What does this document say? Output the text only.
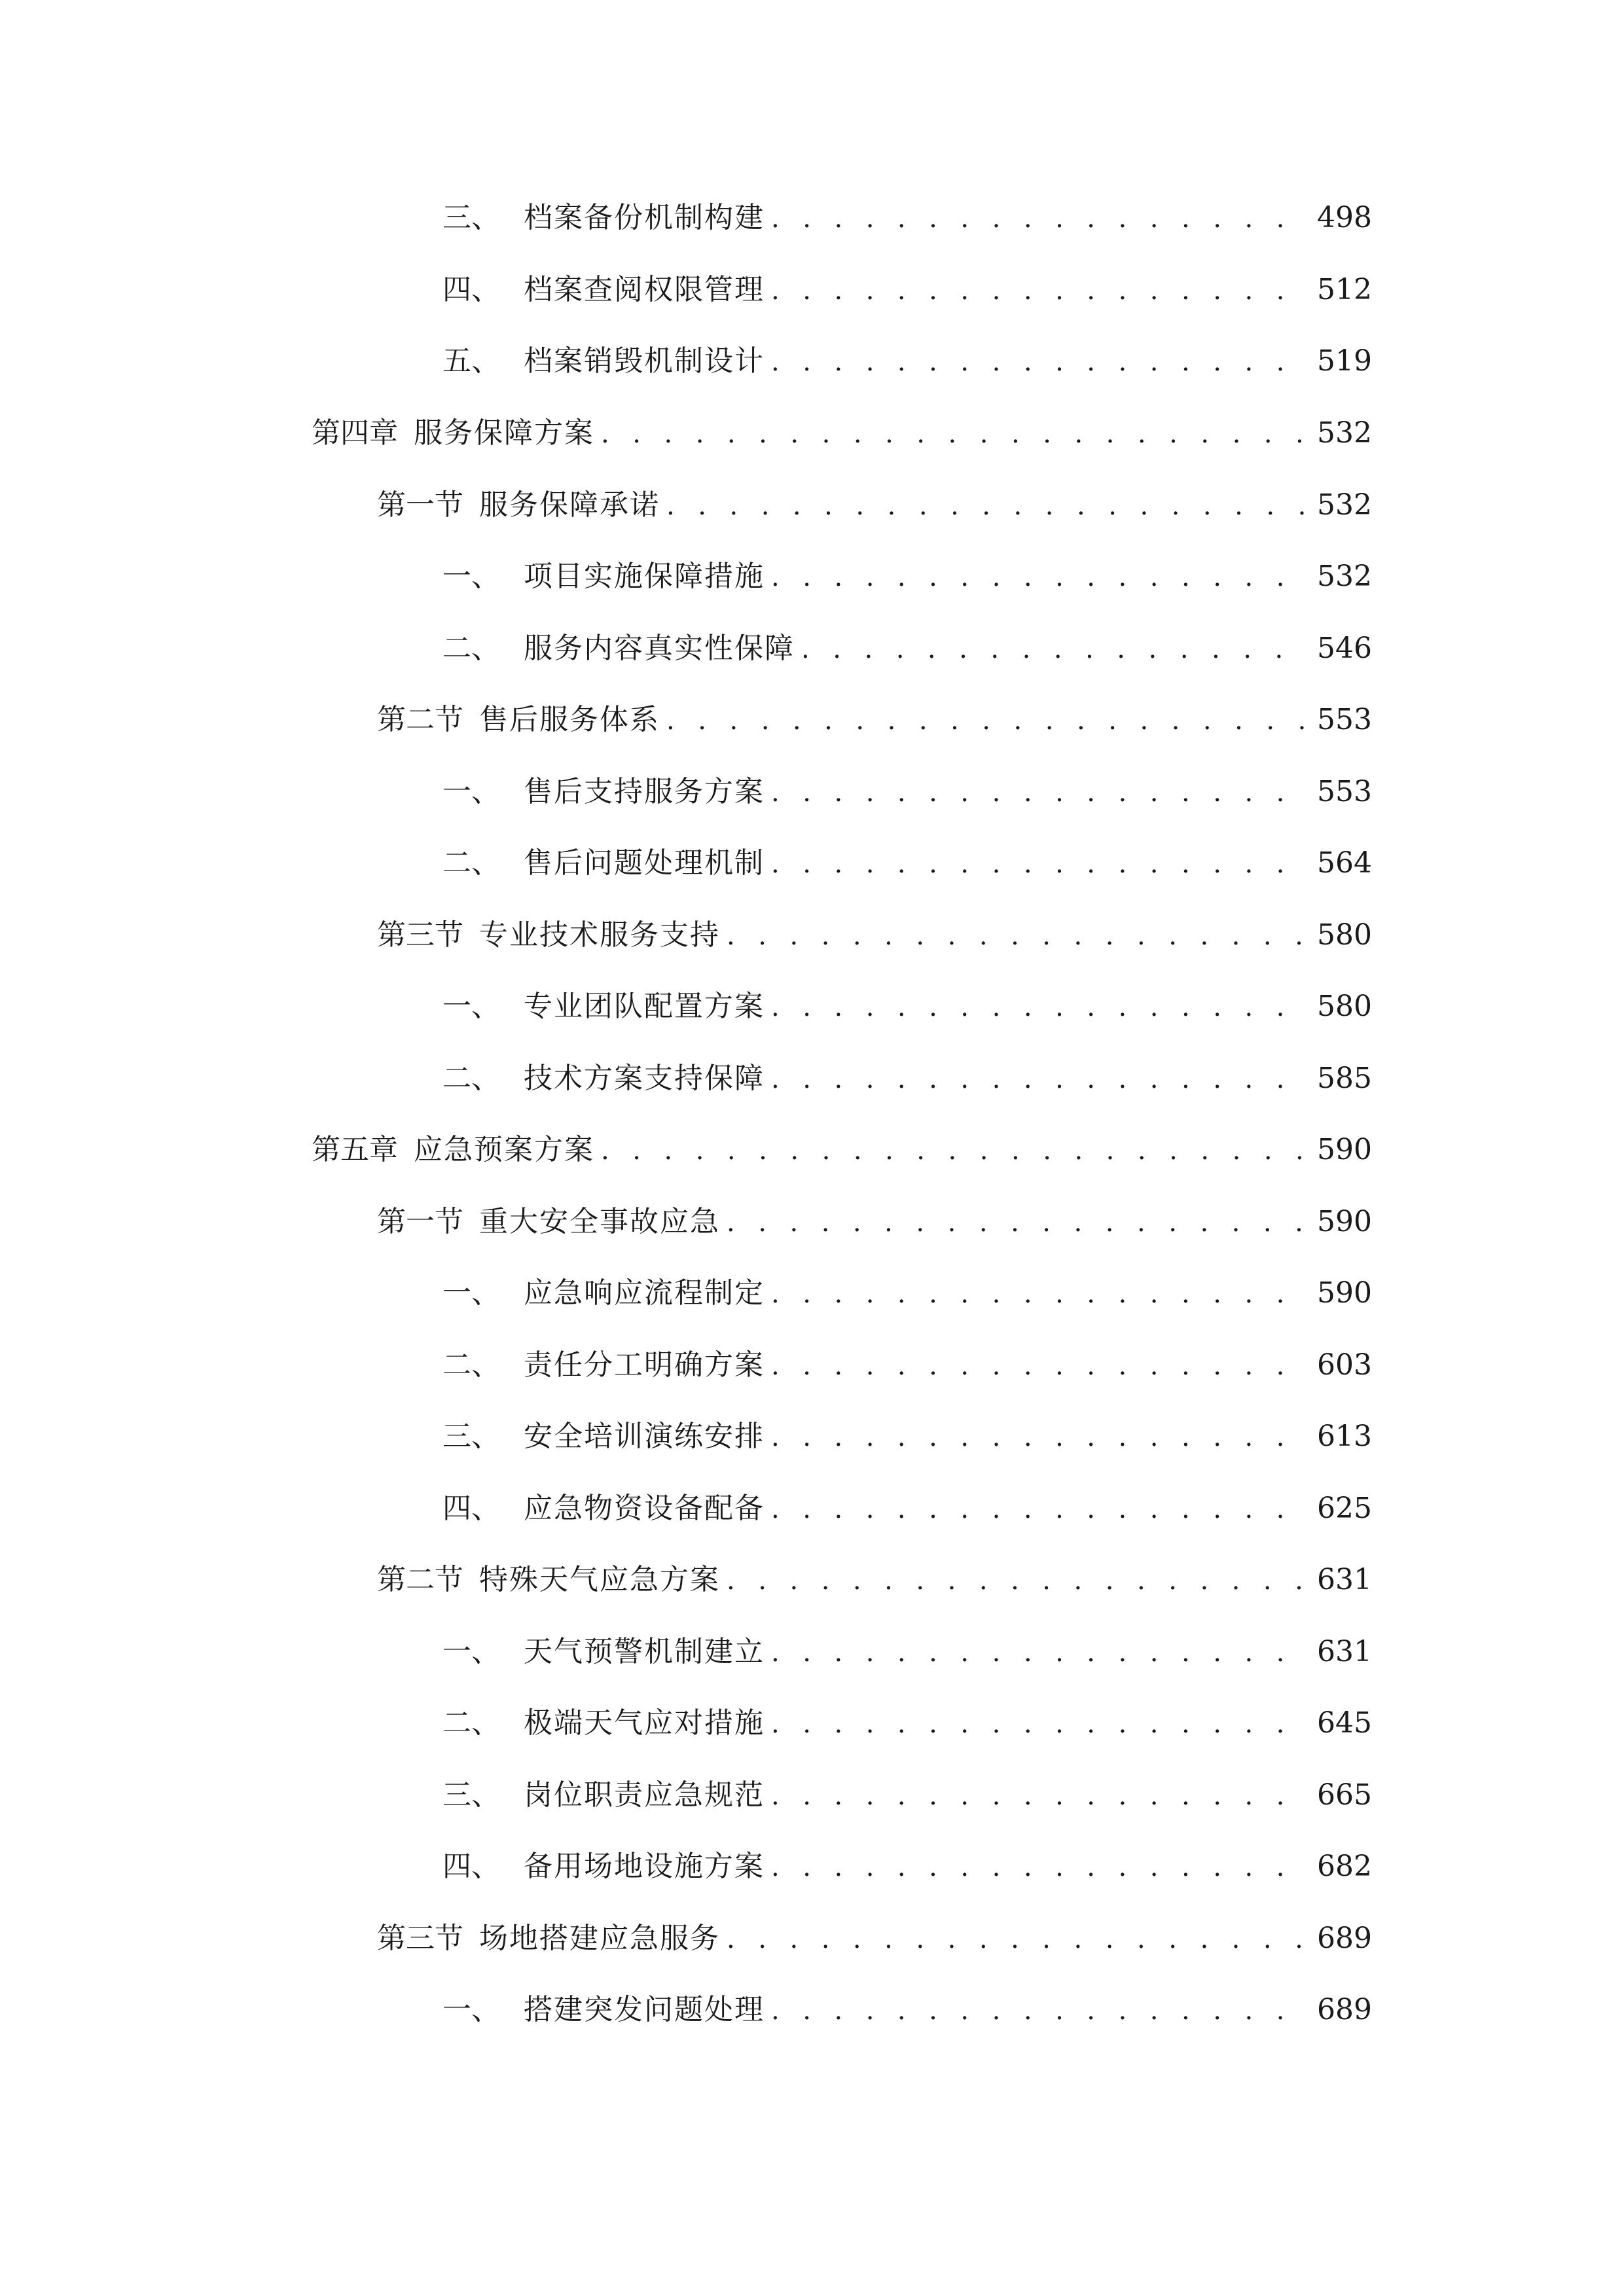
三、 档案备份机制构建 . . .	498
四、 档案查阅权限管理 . . .	512
五、 档案销毁机制设计 . . .	519
第四章 服务保障方案 . . .	532
第一节 服务保障承诺 . . .	532
一、 项目实施保障措施 . . .	532
二、 服务内容真实性保障 . . .	546
第二节 售后服务体系 . . .	553
一、 售后支持服务方案 . . .	553
二、 售后问题处理机制 . . .	564
第三节 专业技术服务支持 . . .	580
一、 专业团队配置方案 . . .	580
二、 技术方案支持保障 . . .	585
第五章 应急预案方案 . . .	590
第一节 重大安全事故应急 . . .	590
一、 应急响应流程制定 . . .	590
二、 责任分工明确方案 . . .	603
三、 安全培训演练安排 . . .	613
四、 应急物资设备配备 . . .	625
第二节 特殊天气应急方案 . . .	631
一、 天气预警机制建立 . . .	631
二、 极端天气应对措施 . . .	645
三、 岗位职责应急规范 . . .	665
四、 备用场地设施方案 . . .	682
第三节 场地搭建应急服务 . . .	689
一、 搭建突发问题处理 . . .	689
